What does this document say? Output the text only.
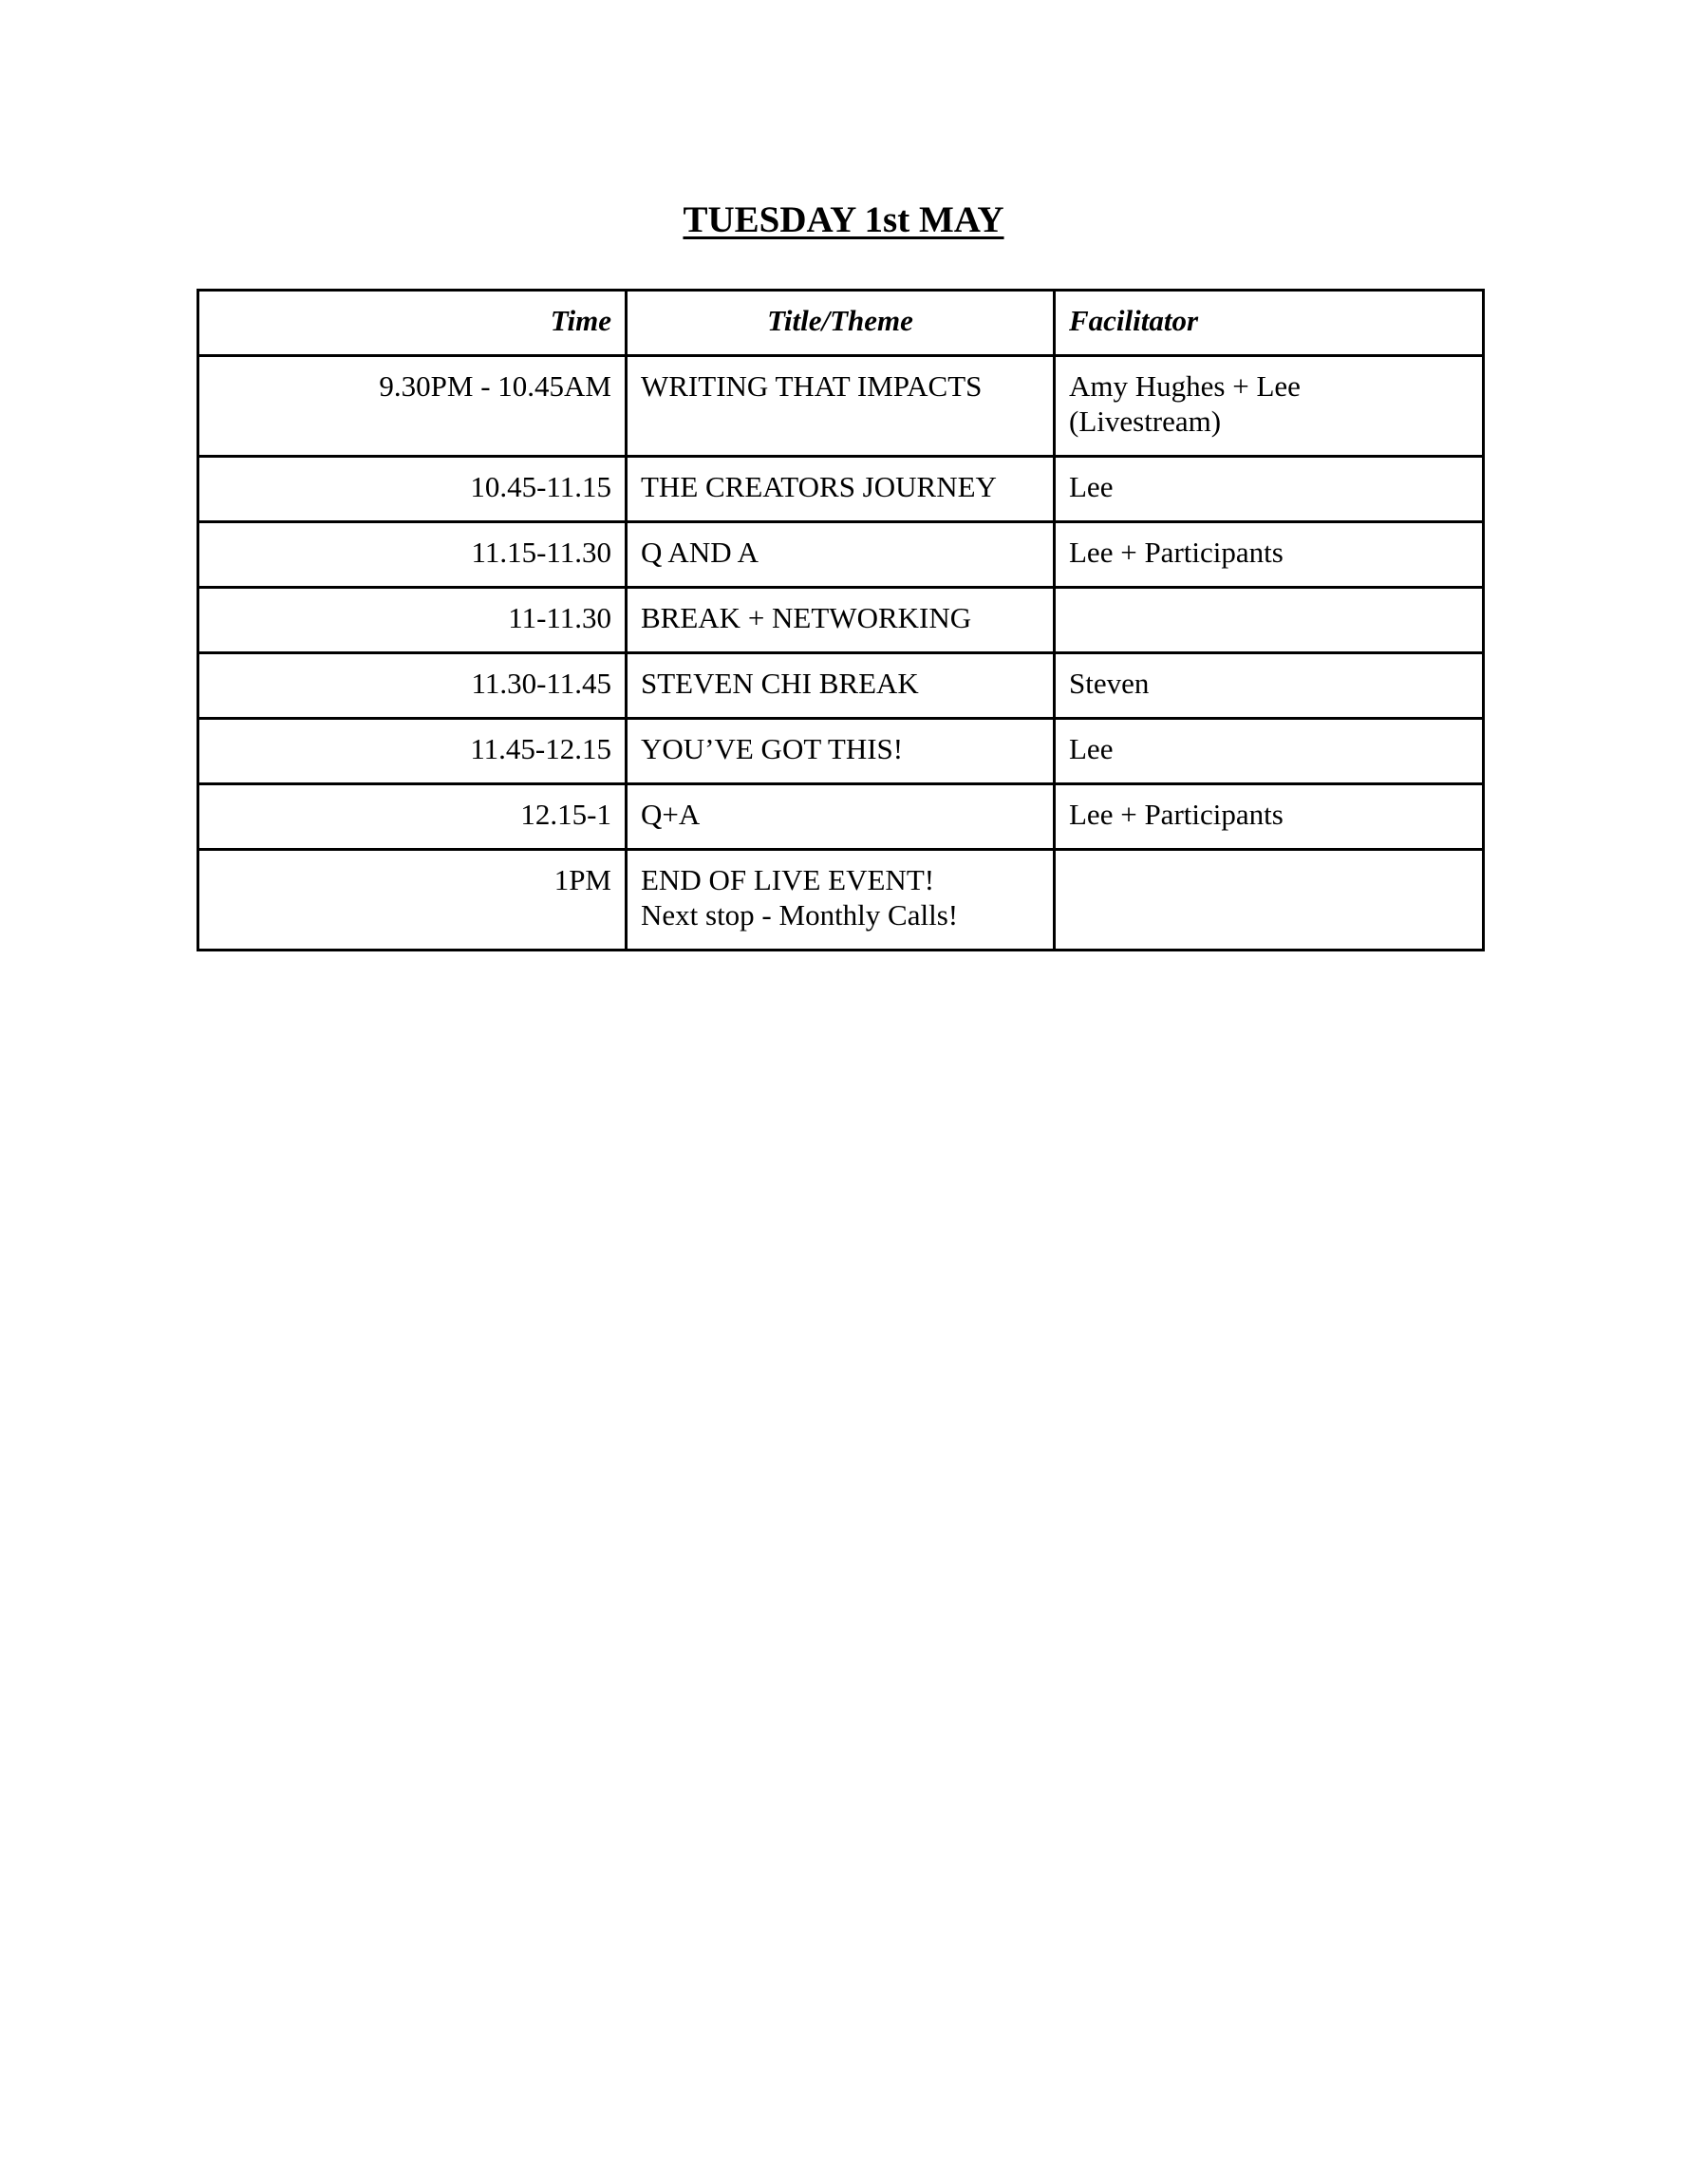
TUESDAY 1st MAY
Time	Title/Theme	Facilitator
9.30PM - 10.45AM	WRITING THAT IMPACTS	Amy Hughes + Lee
(Livestream)
10.45-11.15	THE CREATORS JOURNEY	Lee
11.15-11.30	Q AND A	Lee + Participants
11-11.30	BREAK + NETWORKING	
11.30-11.45	STEVEN CHI BREAK	Steven
11.45-12.15	YOU’VE GOT THIS!	Lee
12.15-1	Q+A	Lee + Participants
1PM	END OF LIVE EVENT!
Next stop - Monthly Calls!	
